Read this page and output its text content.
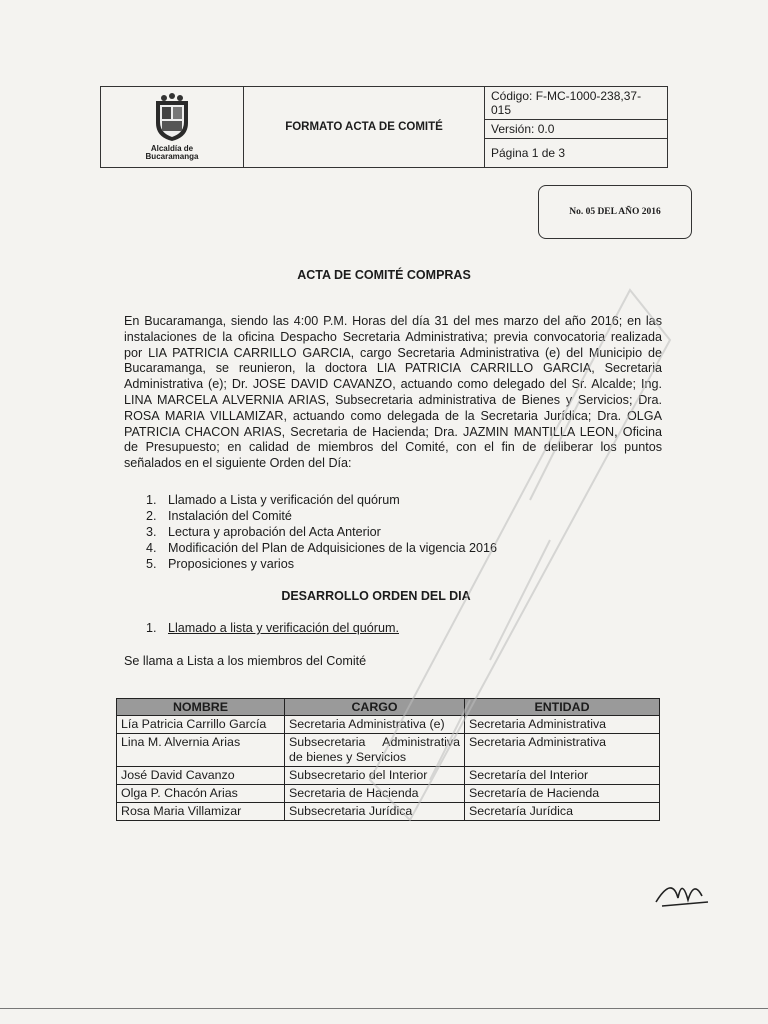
Alcaldía de
Bucaramanga
FORMATO ACTA DE COMITÉ
Código: F-MC-1000-238,37-015
Versión: 0.0
Página 1 de 3
No. 05 DEL AÑO 2016
ACTA DE COMITÉ COMPRAS
En Bucaramanga, siendo las 4:00 P.M. Horas del día 31 del mes marzo del año 2016; en las instalaciones de la oficina Despacho Secretaria Administrativa; previa convocatoria realizada por LIA PATRICIA CARRILLO GARCIA, cargo Secretaria Administrativa (e) del Municipio de Bucaramanga, se reunieron, la doctora LIA PATRICIA CARRILLO GARCIA, Secretaria Administrativa (e); Dr. JOSE DAVID CAVANZO, actuando como delegado del Sr. Alcalde; Ing. LINA MARCELA ALVERNIA ARIAS, Subsecretaria administrativa de Bienes y Servicios; Dra. ROSA MARIA VILLAMIZAR, actuando como delegada de la Secretaria Jurídica; Dra. OLGA PATRICIA CHACON ARIAS, Secretaria de Hacienda; Dra. JAZMIN MANTILLA LEON, Oficina de Presupuesto; en calidad de miembros del Comité, con el fin de deliberar los puntos señalados en el siguiente Orden del Día:
1. Llamado a Lista y verificación del quórum
2. Instalación del Comité
3. Lectura y aprobación del Acta Anterior
4. Modificación del Plan de Adquisiciones de la vigencia 2016
5. Proposiciones y varios
DESARROLLO ORDEN DEL DIA
1. Llamado a lista y verificación del quórum.
Se llama a Lista a los miembros del Comité
NOMBRE	CARGO	ENTIDAD
Lía Patricia Carrillo García	Secretaria Administrativa (e)	Secretaria Administrativa
Lina M. Alvernia Arias	Subsecretaria Administrativa de bienes y Servicios	Secretaria Administrativa
José David Cavanzo	Subsecretario del Interior	Secretaría del Interior
Olga P. Chacón Arias	Secretaria de Hacienda	Secretaría de Hacienda
Rosa Maria Villamizar	Subsecretaria Jurídica	Secretaría Jurídica
